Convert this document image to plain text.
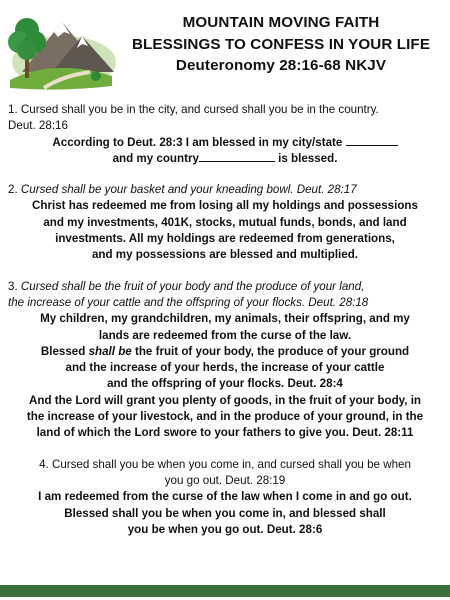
MOUNTAIN MOVING FAITH
BLESSINGS TO CONFESS IN YOUR LIFE
Deuteronomy 28:16-68 NKJV
1. Cursed shall you be in the city, and cursed shall you be in the country.
Deut. 28:16
According to Deut. 28:3 I am blessed in my city/state
and my country	is blessed.
2. Cursed shall be your basket and your kneading bowl. Deut. 28:17
Christ has redeemed me from losing all my holdings and possessions
and my investments, 401K, stocks, mutual funds, bonds, and land
investments. All my holdings are redeemed from generations,
and my possessions are blessed and multiplied.
3. Cursed shall be the fruit of your body and the produce of your land,
the increase of your cattle and the offspring of your flocks. Deut. 28:18
My children, my grandchildren, my animals, their offspring, and my
lands are redeemed from the curse of the law.
Blessed shall be the fruit of your body, the produce of your ground
and the increase of your herds, the increase of your cattle
and the offspring of your flocks. Deut. 28:4
And the Lord will grant you plenty of goods, in the fruit of your body, in
the increase of your livestock, and in the produce of your ground, in the
land of which the Lord swore to your fathers to give you. Deut. 28:11
4. Cursed shall you be when you come in, and cursed shall you be when
you go out. Deut. 28:19
I am redeemed from the curse of the law when I come in and go out.
Blessed shall you be when you come in, and blessed shall
you be when you go out. Deut. 28:6
